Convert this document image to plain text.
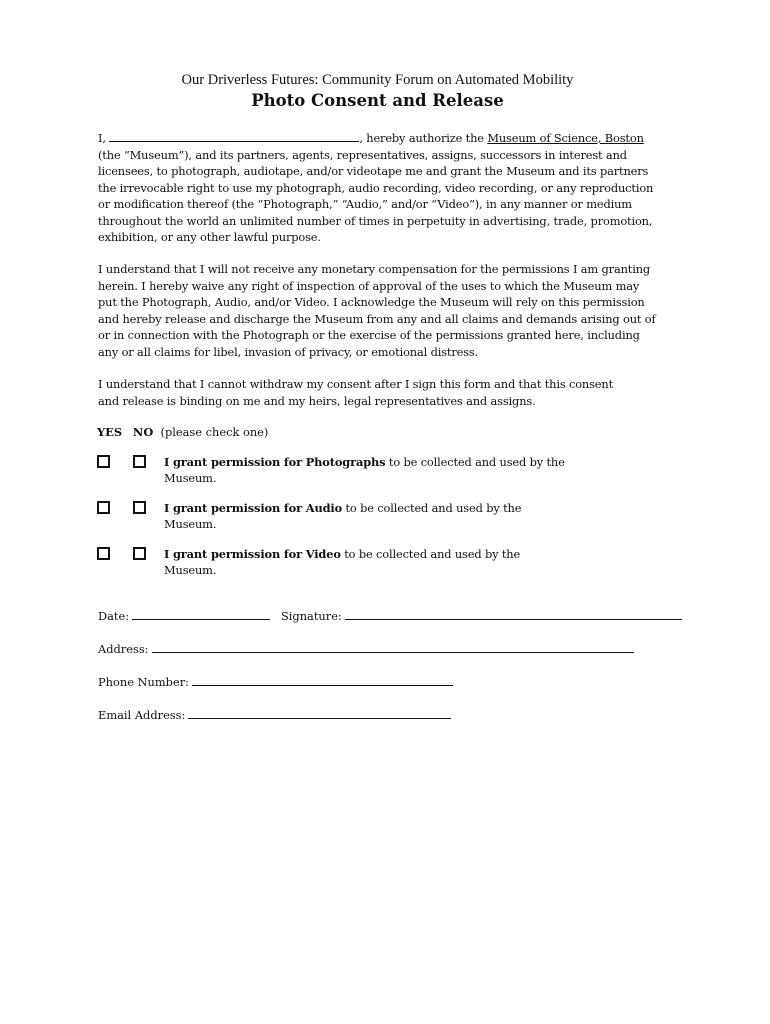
Our Driverless Futures: Community Forum on Automated Mobility
Photo Consent and Release
I,	, hereby authorize the Museum of Science, Boston
(the “Museum”), and its partners, agents, representatives, assigns, successors in interest and
licensees, to photograph, audiotape, and/or videotape me and grant the Museum and its partners
the irrevocable right to use my photograph, audio recording, video recording, or any reproduction
or modification thereof (the “Photograph,” “Audio,” and/or “Video”), in any manner or medium
throughout the world an unlimited number of times in perpetuity in advertising, trade, promotion,
exhibition, or any other lawful purpose.
I understand that I will not receive any monetary compensation for the permissions I am granting
herein. I hereby waive any right of inspection of approval of the uses to which the Museum may
put the Photograph, Audio, and/or Video. I acknowledge the Museum will rely on this permission
and hereby release and discharge the Museum from any and all claims and demands arising out of
or in connection with the Photograph or the exercise of the permissions granted here, including
any or all claims for libel, invasion of privacy, or emotional distress.
I understand that I cannot withdraw my consent after I sign this form and that this consent
and release is binding on me and my heirs, legal representatives and assigns.
YES NO (please check one)
I grant permission for Photographs to be collected and used by the
Museum.
I grant permission for Audio to be collected and used by the
Museum.
I grant permission for Video to be collected and used by the
Museum.
Date:	Signature:
Address:
Phone Number:
Email Address:
